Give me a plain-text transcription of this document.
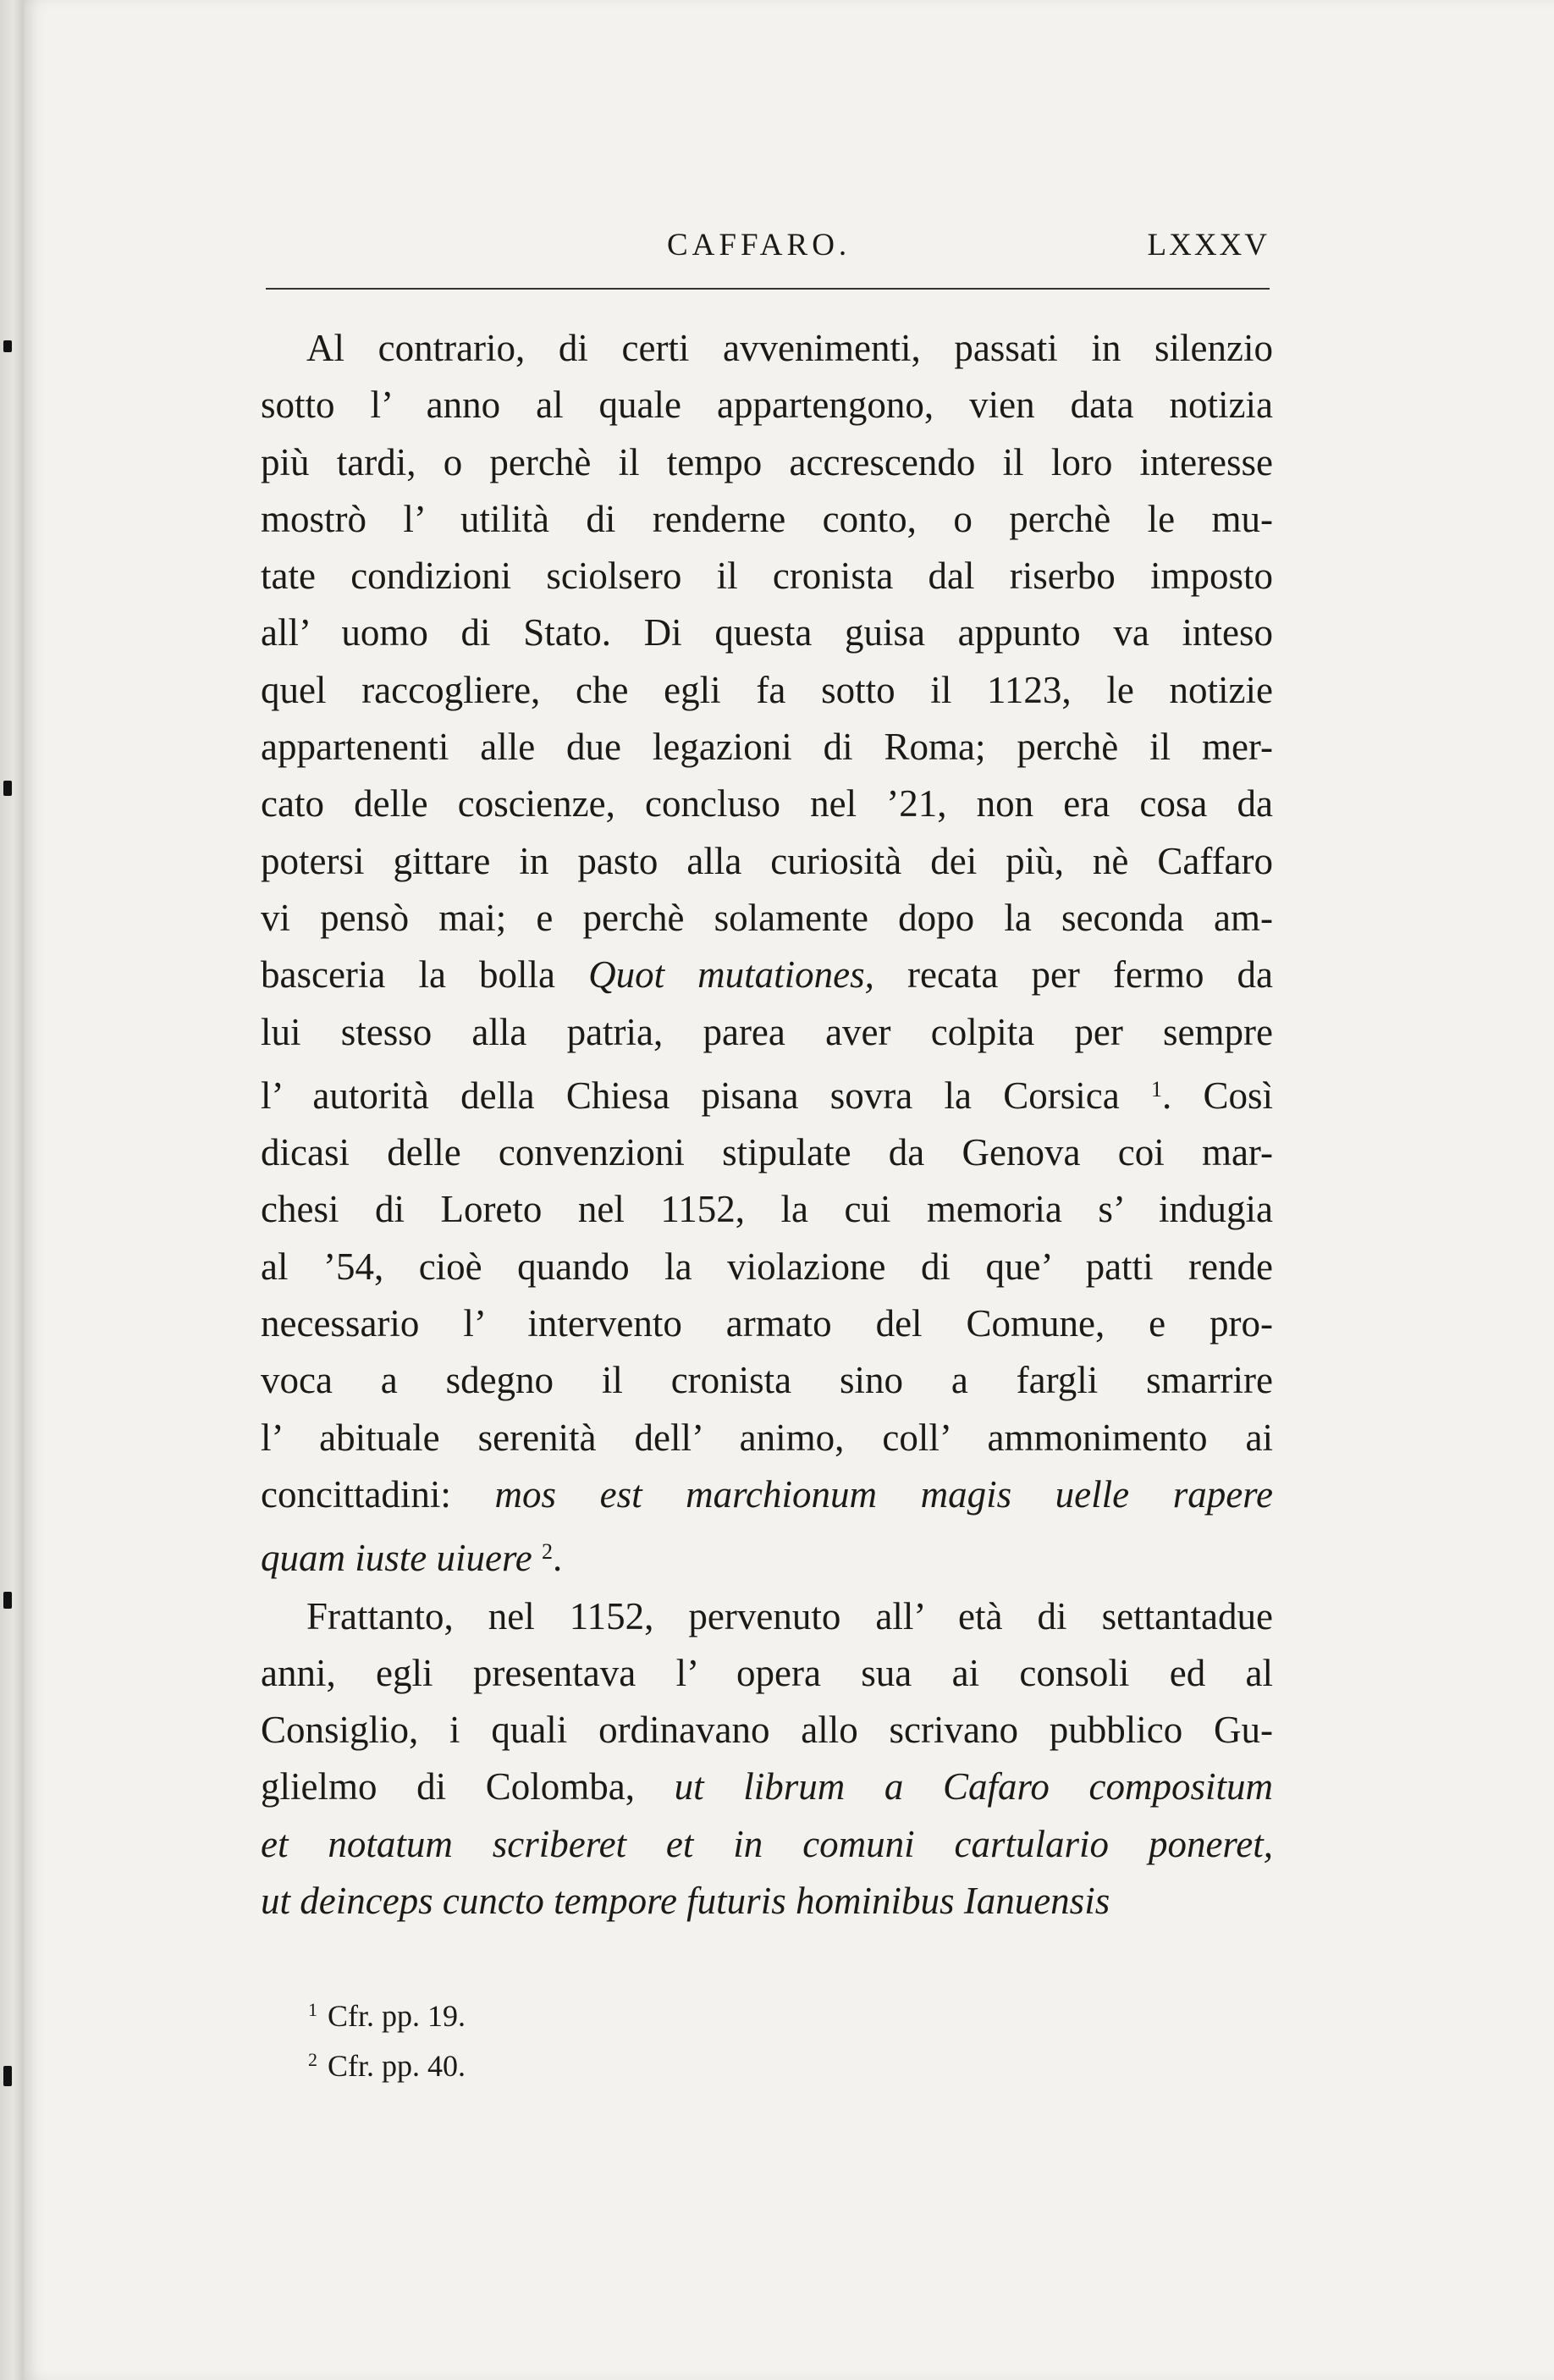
CAFFARO.	LXXXV
Al contrario, di certi avvenimenti, passati in silenzio
sotto l’ anno al quale appartengono, vien data notizia
più tardi, o perchè il tempo accrescendo il loro interesse
mostrò l’ utilità di renderne conto, o perchè le mu-
tate condizioni sciolsero il cronista dal riserbo imposto
all’ uomo di Stato. Di questa guisa appunto va inteso
quel raccogliere, che egli fa sotto il 1123, le notizie
appartenenti alle due legazioni di Roma; perchè il mer-
cato delle coscienze, concluso nel ’21, non era cosa da
potersi gittare in pasto alla curiosità dei più, nè Caffaro
vi pensò mai; e perchè solamente dopo la seconda am-
basceria la bolla Quot mutationes, recata per fermo da
lui stesso alla patria, parea aver colpita per sempre
l’ autorità della Chiesa pisana sovra la Corsica $^1$. Così
dicasi delle convenzioni stipulate da Genova coi mar-
chesi di Loreto nel 1152, la cui memoria s’ indugia
al ’54, cioè quando la violazione di que’ patti rende
necessario l’ intervento armato del Comune, e pro-
voca a sdegno il cronista sino a fargli smarrire
l’ abituale serenità dell’ animo, coll’ ammonimento ai
concittadini: mos est marchionum magis uelle rapere
quam iuste uiuere $^2$.
Frattanto, nel 1152, pervenuto all’ età di settantadue
anni, egli presentava l’ opera sua ai consoli ed al
Consiglio, i quali ordinavano allo scrivano pubblico Gu-
glielmo di Colomba, ut librum a Cafaro compositum
et notatum scriberet et in comuni cartulario poneret,
ut deinceps cuncto tempore futuris hominibus Ianuensis
$^1$ Cfr. pp. 19.
$^2$ Cfr. pp. 40.
